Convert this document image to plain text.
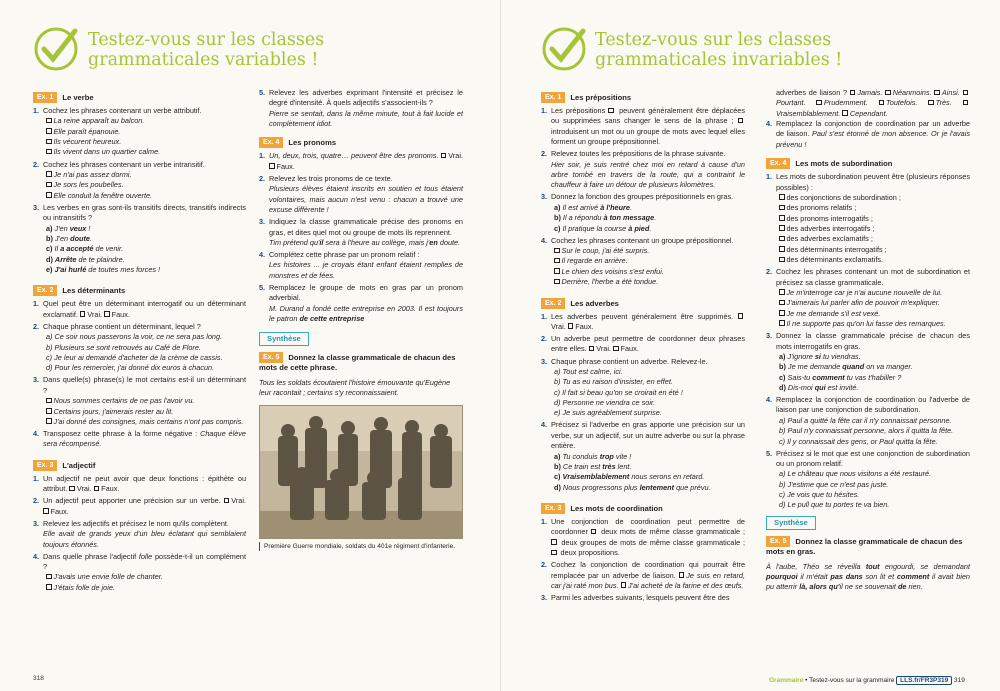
Testez-vous sur les classes grammaticales variables !
Ex. 1 Le verbe
1. Cochez les phrases contenant un verbe attributif.
La reine apparaît au balcon.
Elle paraît épanouie.
Ils vécurent heureux.
Ils vivent dans un quartier calme.
2. Cochez les phrases contenant un verbe intransitif.
Je n'ai pas assez dormi.
Je sors les poubelles.
Elle conduit la fenêtre ouverte.
3. Les verbes en gras sont-ils transitifs directs, transitifs indirects ou intransitifs ?
a) J'en veux !
b) J'en doute.
c) Il a accepté de venir.
d) Arrête de te plaindre.
e) J'ai hurlé de toutes mes forces !
Ex. 2 Les déterminants
1. Quel peut être un déterminant interrogatif ou un déterminant exclamatif. Vrai. Faux.
2. Chaque phrase contient un déterminant, lequel ?
a) Ce soir nous passerons la voir, ce ne sera pas long.
b) Plusieurs se sont retrouvés au Café de Flore.
c) Je leur ai demandé d'acheter de la crème de cassis.
d) Pour les remercier, j'ai donné dix euros à chacun.
3. Dans quelle(s) phrase(s) le mot certains est-il un déterminant ?
Nous sommes certains de ne pas l'avoir vu.
Certains jours, j'aimerais rester au lit.
J'ai donné des consignes, mais certains n'ont pas compris.
4. Transposez cette phrase à la forme négative : Chaque élève sera récompensé.
Ex. 3 L'adjectif
1. Un adjectif ne peut avoir que deux fonctions : épithète ou attribut. Vrai. Faux.
2. Un adjectif peut apporter une précision sur un verbe. Vrai. Faux.
3. Relevez les adjectifs et précisez le nom qu'ils complètent.
Elle avait de grands yeux d'un bleu éclatant qui semblaient toujours étonnés.
4. Dans quelle phrase l'adjectif folle possède-t-il un complément ?
J'avais une envie folle de chanter.
J'étais folle de joie.
5. Relevez les adverbes exprimant l'intensité et précisez le degré d'intensité. À quels adjectifs s'associent-ils ?
Pierre se sentait, dans la même minute, tout à fait lucide et complètement idiot.
Ex. 4 Les pronoms
1. Un, deux, trois, quatre… peuvent être des pronoms. Vrai. Faux.
2. Relevez les trois pronoms de ce texte.
Plusieurs élèves étaient inscrits en soutien et tous étaient volontaires, mais aucun n'est venu : chacun a trouvé une excuse différente !
3. Indiquez la classe grammaticale précise des pronoms en gras, et dites quel mot ou groupe de mots ils reprennent.
Tim prétend qu'il sera à l'heure au collège, mais j'en doute.
4. Complétez cette phrase par un pronom relatif :
Les histoires ... je croyais étant enfant étaient remplies de monstres et de fées.
5. Remplacez le groupe de mots en gras par un pronom adverbial.
M. Durand a fondé cette entreprise en 2003. Il est toujours le patron de cette entreprise
Synthèse
Ex. 5 Donnez la classe grammaticale de chacun des mots de cette phrase.
Tous les soldats écoutaient l'histoire émouvante qu'Eugène leur racontait ; certains s'y reconnaissaient.
Première Guerre mondiale, soldats du 401e régiment d'infanterie.
318
Testez-vous sur les classes grammaticales invariables !
Ex. 1 Les prépositions
1. Les prépositions  peuvent généralement être déplacées ou supprimées sans changer le sens de la phrase ;  introduisent un mot ou un groupe de mots avec lequel elles forment un groupe prépositionnel.
2. Relevez toutes les prépositions de la phrase suivante.
Hier soir, je suis rentré chez moi en retard à cause d'un arbre tombé en travers de la route, qui a contraint le chauffeur à faire un détour de plusieurs kilomètres.
3. Donnez la fonction des groupes prépositionnels en gras.
a) Il est arrivé à l'heure.
b) Il a répondu à ton message.
c) Il pratique la course à pied.
4. Cochez les phrases contenant un groupe prépositionnel.
Sur le coup, j'ai été surpris.
Il regarde en arrière.
Le chien des voisins s'est enfui.
Derrière, l'herbe a été tondue.
Ex. 2 Les adverbes
1. Les adverbes peuvent généralement être supprimés. Vrai. Faux.
2. Un adverbe peut permettre de coordonner deux phrases entre elles. Vrai. Faux.
3. Chaque phrase contient un adverbe. Relevez-le.
a) Tout est calme, ici.
b) Tu as eu raison d'insister, en effet.
c) Il fait si beau qu'on se croirait en été !
d) Personne ne viendra ce soir.
e) Je suis agréablement surprise.
4. Précisez si l'adverbe en gras apporte une précision sur un verbe, sur un adjectif, sur un autre adverbe ou sur la phrase entière.
a) Tu conduis trop vite !
b) Ce train est très lent.
c) Vraisemblablement nous serons en retard.
d) Nous progressons plus lentement que prévu.
Ex. 3 Les mots de coordination
1. Une conjonction de coordination peut permettre de coordonner  deux mots de même classe grammaticale ;  deux groupes de mots de même classe grammaticale ;  deux propositions.
2. Cochez la conjonction de coordination qui pourrait être remplacée par un adverbe de liaison. Je suis en retard, car j'ai raté mon bus. J'ai acheté de la farine et des œufs.
3. Parmi les adverbes suivants, lesquels peuvent être des
adverbes de liaison ? Jamais. Néanmoins. Ainsi. Pourtant.	Prudemment.	Toutefois.	Très. Vraisemblablement. Cependant.
4. Remplacez la conjonction de coordination par un adverbe de liaison. Paul s'est étonné de mon absence. Or je l'avais prévenu !
Ex. 4 Les mots de subordination
1. Les mots de subordination peuvent être (plusieurs réponses possibles) :
des conjonctions de subordination ;
des pronoms relatifs ;
des pronoms interrogatifs ;
des adverbes interrogatifs ;
des adverbes exclamatifs ;
des déterminants interrogatifs ;
des déterminants exclamatifs.
2. Cochez les phrases contenant un mot de subordination et précisez sa classe grammaticale.
Je m'interroge car je n'ai aucune nouvelle de lui.
J'aimerais lui parler afin de pouvoir m'expliquer.
Je me demande s'il est vexé.
Il ne supporte pas qu'on lui fasse des remarques.
3. Donnez la classe grammaticale précise de chacun des mots interrogatifs en gras.
a) J'ignore si tu viendras.
b) Je me demande quand on va manger.
c) Sais-tu comment tu vas t'habiller ?
d) Dis-moi qui est invité.
4. Remplacez la conjonction de coordination ou l'adverbe de liaison par une conjonction de subordination.
a) Paul a quitté la fête car il n'y connaissait personne.
b) Paul n'y connaissait personne, alors il quitta la fête.
c) Il y connaissait des gens, or Paul quitta la fête.
5. Précisez si le mot que est une conjonction de subordination ou un pronom relatif.
a) Le château que nous visitons a été restauré.
b) J'estime que ce n'est pas juste.
c) Je vois que tu hésites.
d) Le pull que tu portes te va bien.
Synthèse
Ex. 5 Donnez la classe grammaticale de chacun des mots en gras.
À l'aube, Théo se réveilla tout engourdi, se demandant pourquoi il m'était pas dans son lit et comment il avait bien pu atterrir là, alors qu'il ne se souvenait de rien.
Grammaire • Testez-vous sur la grammaire LLS.fr/FR3P319 319
